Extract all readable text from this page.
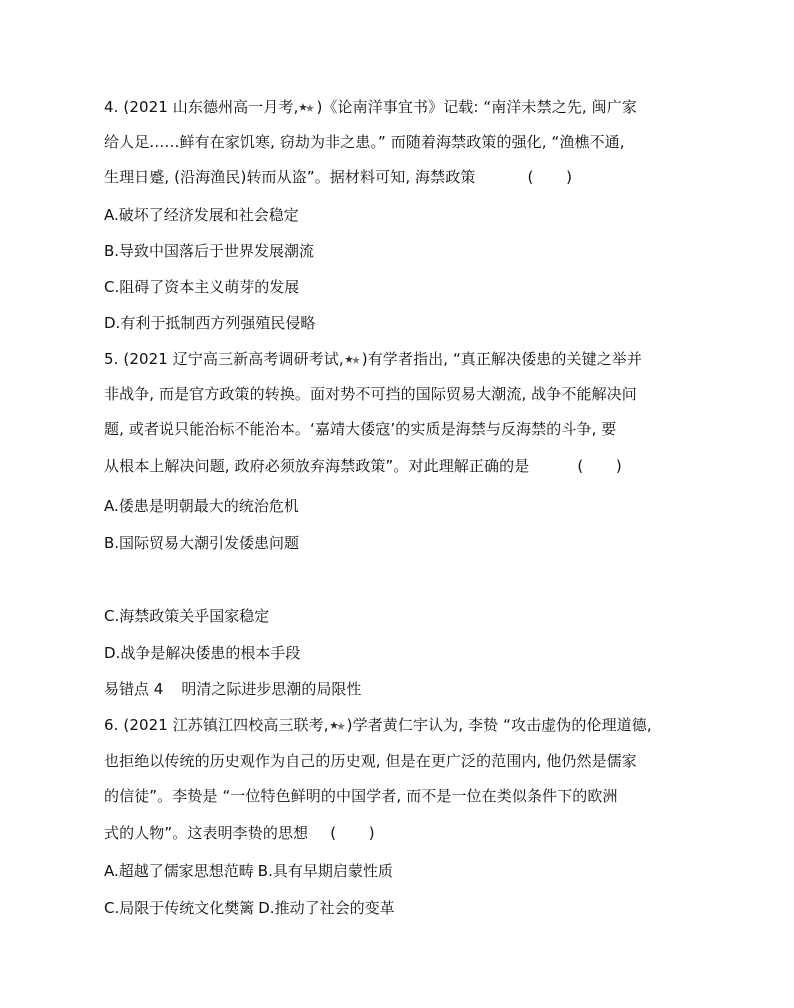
4. (2021 山东德州高一月考, )《论南洋事宜书》记载: “南洋未禁之先, 闽广家
给人足……鲜有在家饥寒, 窃劫为非之患。” 而随着海禁政策的强化, “渔樵不通,
生理日蹙, (沿海渔民)转而从盗”。据材料可知, 海禁政策	( )
A.破坏了经济发展和社会稳定
B.导致中国落后于世界发展潮流
C.阻碍了资本主义萌芽的发展
D.有利于抵制西方列强殖民侵略
5. (2021 辽宁高三新高考调研考试, )有学者指出, “真正解决倭患的关键之举并
非战争, 而是官方政策的转换。面对势不可挡的国际贸易大潮流, 战争不能解决问
题, 或者说只能治标不能治本。‘嘉靖大倭寇’的实质是海禁与反海禁的斗争, 要
从根本上解决问题, 政府必须放弃海禁政策”。对此理解正确的是	( )
A.倭患是明朝最大的统治危机
B.国际贸易大潮引发倭患问题
C.海禁政策关乎国家稳定
D.战争是解决倭患的根本手段
易错点 4 明清之际进步思潮的局限性
6. (2021 江苏镇江四校高三联考, )学者黄仁宇认为, 李贽 “攻击虚伪的伦理道德,
也拒绝以传统的历史观作为自己的历史观, 但是在更广泛的范围内, 他仍然是儒家
的信徒”。李贽是 “一位特色鲜明的中国学者, 而不是一位在类似条件下的欧洲
式的人物”。这表明李贽的思想 ( )
A.超越了儒家思想范畴 B.具有早期启蒙性质
C.局限于传统文化樊篱 D.推动了社会的变革
